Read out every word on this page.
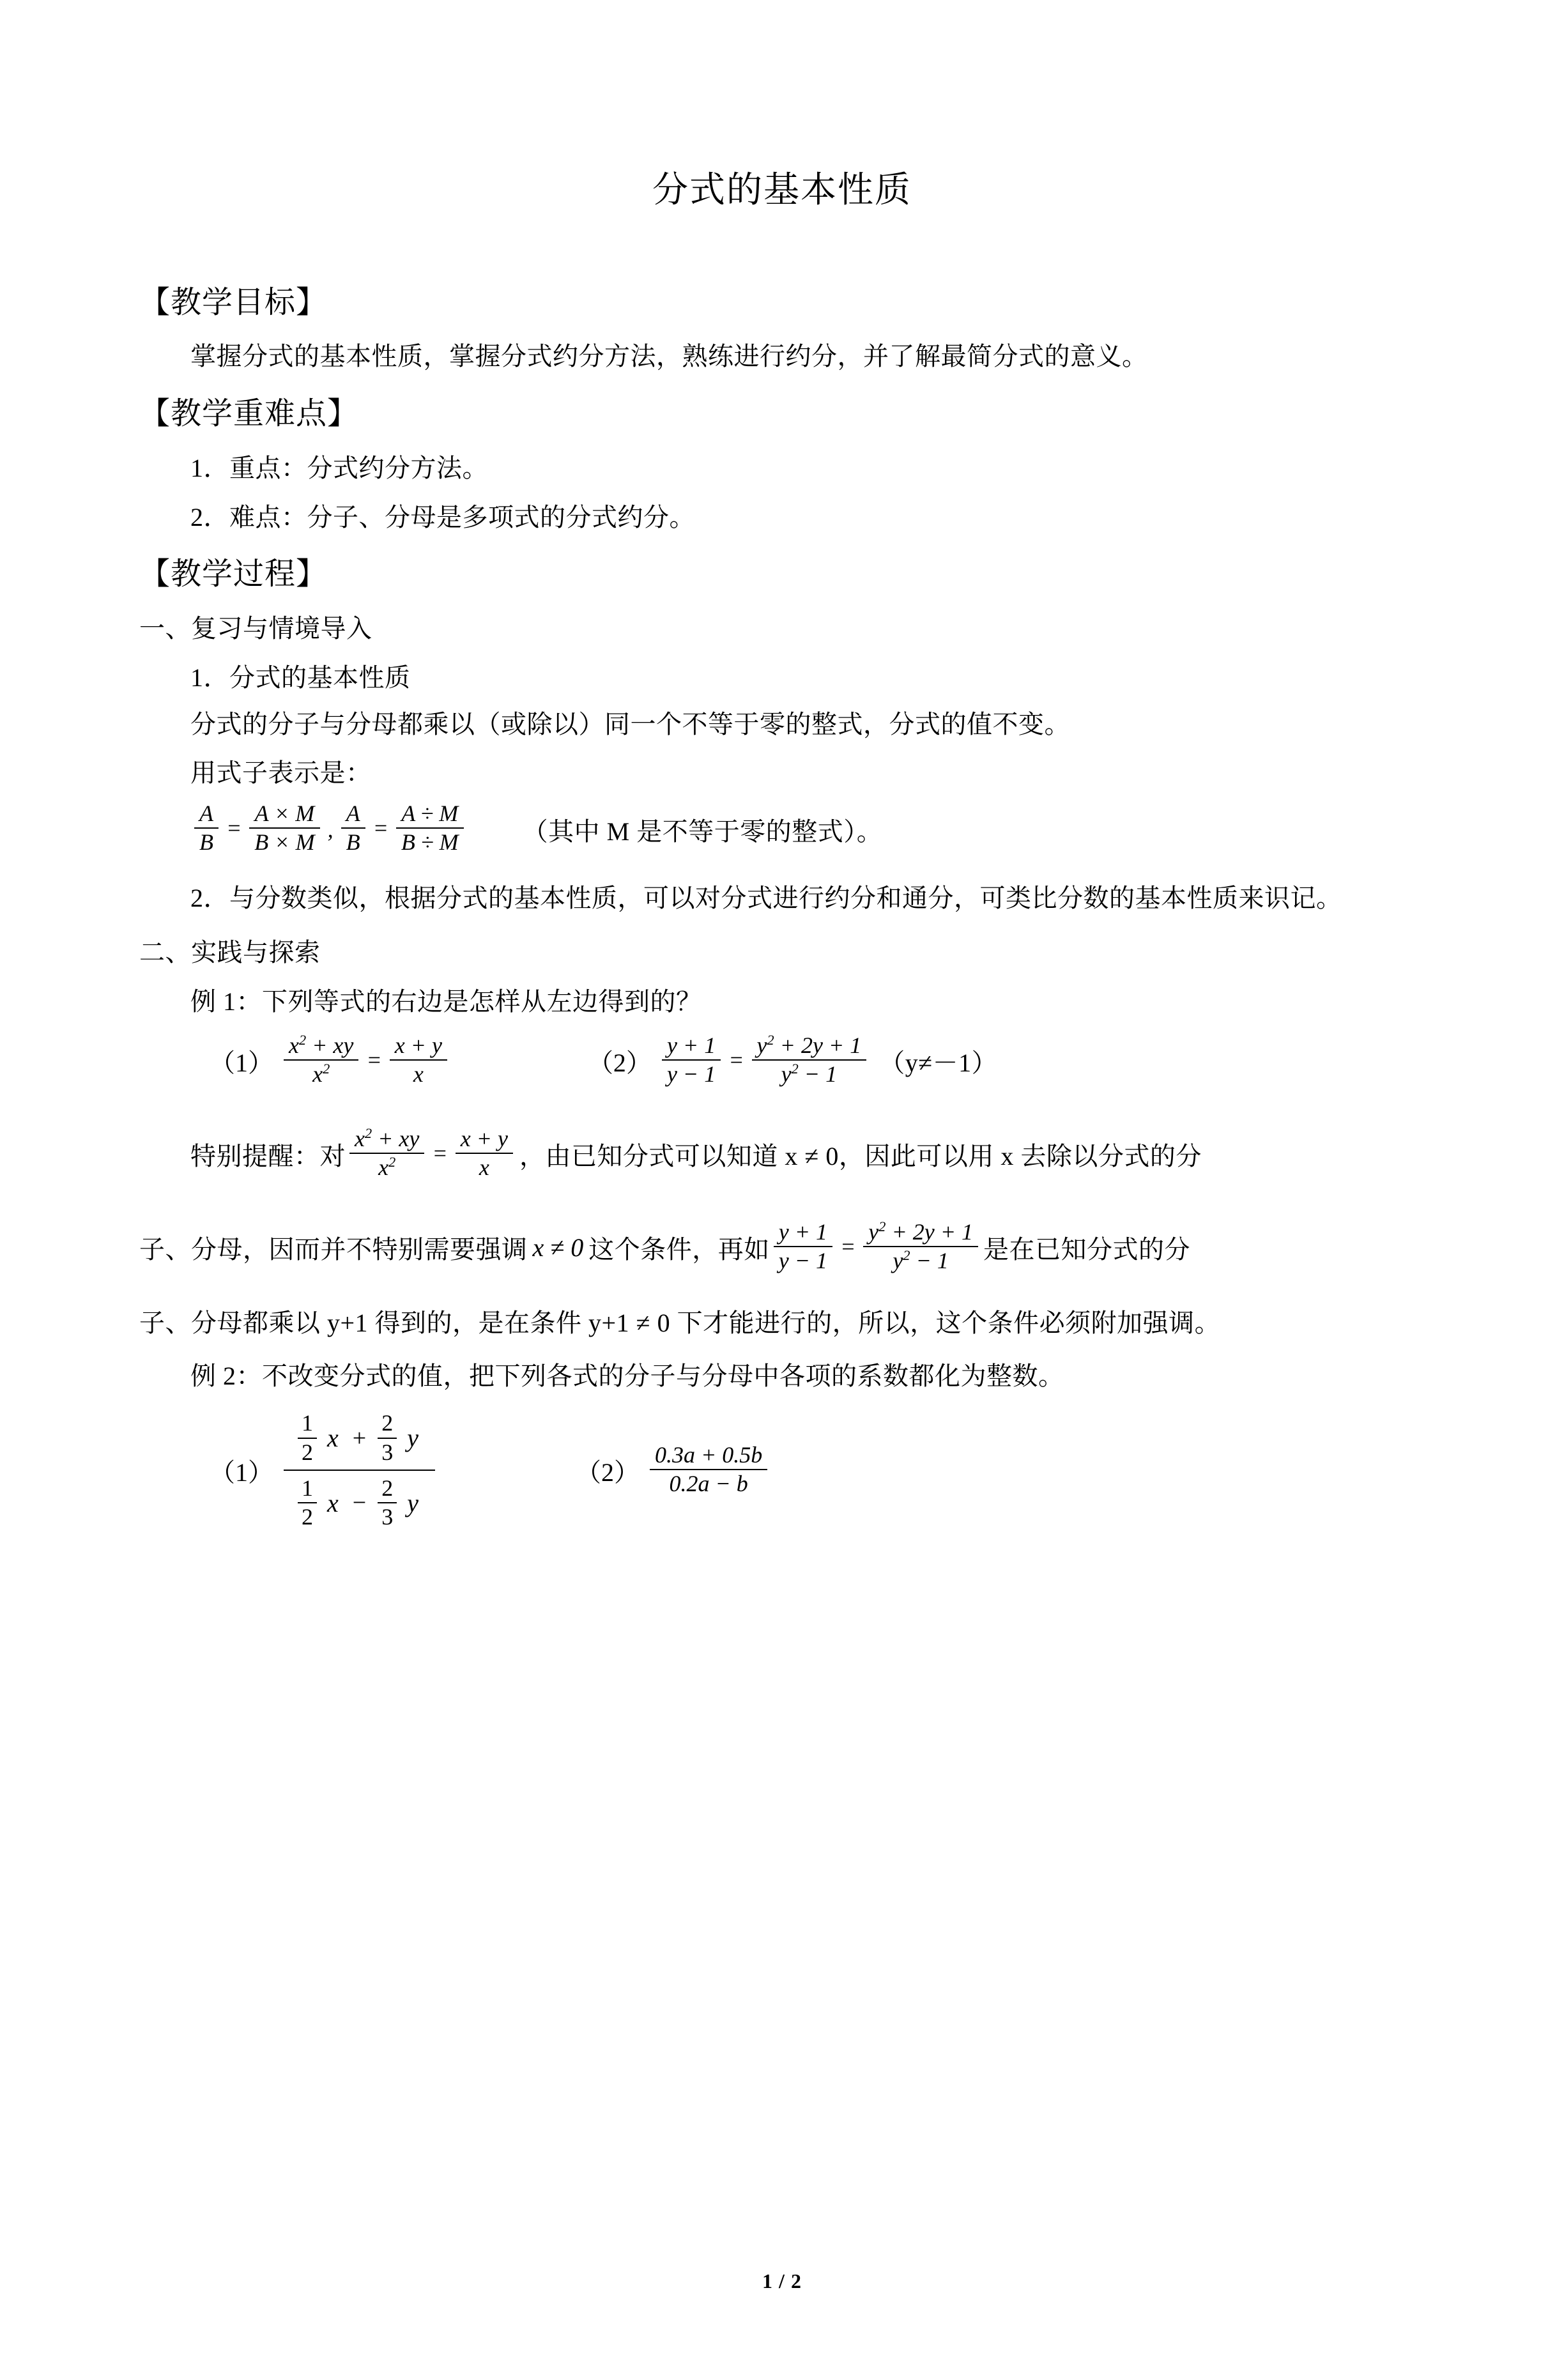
分式的基本性质
【教学目标】

掌握分式的基本性质，掌握分式约分方法，熟练进行约分，并了解最简分式的意义。

【教学重难点】

1．重点：分式约分方法。

2．难点：分子、分母是多项式的分式约分。

【教学过程】

一、复习与情境导入

1．分式的基本性质

分式的分子与分母都乘以（或除以）同一个不等于零的整式，分式的值不变。

用式子表示是：

$\frac{A}{B} = \frac{A \times M}{B \times M}$ , $\frac{A}{B} = \frac{A \div M}{B \div M}$ （其中 M 是不等于零的整式）。

2．与分数类似，根据分式的基本性质，可以对分式进行约分和通分，可类比分数的基本性质来识记。

二、实践与探索

例 1：下列等式的右边是怎样从左边得到的？

$(1) \frac{x^2 + xy}{x^2} = \frac{x + y}{x}$	$(2) \frac{y + 1}{y - 1} = \frac{y^2 + 2y + 1}{y^2 - 1} (y\ne-1)$
特别提醒：对 $\frac{x^2 + xy}{x^2} = \frac{x + y}{x}$ ，由已知分式可以知道 x ≠ 0，因此可以用 x 去除以分式的分
子、分母，因而并不特别需要强调 x ≠ 0 这个条件，再如 $\frac{y + 1}{y - 1} = \frac{y^2 + 2y + 1}{y^2 - 1}$ 是在已知分式的分

子、分母都乘以 y+1 得到的，是在条件 y+1 ≠ 0 下才能进行的，所以，这个条件必须附加强调。

例 2：不改变分式的值，把下列各式的分子与分母中各项的系数都化为整数。

（1）
$\frac{1}{2}$ $x + \frac{2}{3}$ y
$\frac{1}{2}$ $x - \frac{2}{3}$ y
$(2) \frac{0.3a + 0.5b}{0.2a - b}$
1 / 2
